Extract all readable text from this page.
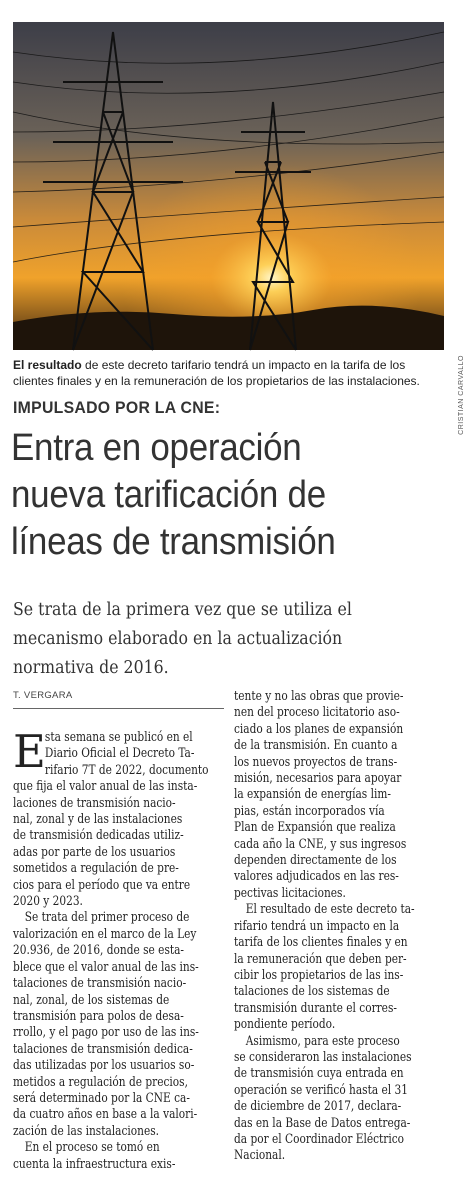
CRISTIAN CARVALLO
El resultado de este decreto tarifario tendrá un impacto en la tarifa de los clientes finales y en la remuneración de los propietarios de las instalaciones.
IMPULSADO POR LA CNE:
Entra en operación
nueva tarificación de
líneas de transmisión
Se trata de la primera vez que se utiliza el
mecanismo elaborado en la actualización
normativa de 2016.
T. VERGARA
E sta semana se publicó en el
Diario Oficial el Decreto Ta-
rifario 7T de 2022, documento
que fija el valor anual de las insta-
laciones de transmisión nacio-
nal, zonal y de las instalaciones
de transmisión dedicadas utiliz-
adas por parte de los usuarios
sometidos a regulación de pre-
cios para el período que va entre
2020 y 2023.
Se trata del primer proceso de
valorización en el marco de la Ley
20.936, de 2016, donde se esta-
blece que el valor anual de las ins-
talaciones de transmisión nacio-
nal, zonal, de los sistemas de
transmisión para polos de desa-
rrollo, y el pago por uso de las ins-
talaciones de transmisión dedica-
das utilizadas por los usuarios so-
metidos a regulación de precios,
será determinado por la CNE ca-
da cuatro años en base a la valori-
zación de las instalaciones.
En el proceso se tomó en
cuenta la infraestructura exis-
tente y no las obras que provie-
nen del proceso licitatorio aso-
ciado a los planes de expansión
de la transmisión. En cuanto a
los nuevos proyectos de trans-
misión, necesarios para apoyar
la expansión de energías lim-
pias, están incorporados vía
Plan de Expansión que realiza
cada año la CNE, y sus ingresos
dependen directamente de los
valores adjudicados en las res-
pectivas licitaciones.
El resultado de este decreto ta-
rifario tendrá un impacto en la
tarifa de los clientes finales y en
la remuneración que deben per-
cibir los propietarios de las ins-
talaciones de los sistemas de
transmisión durante el corres-
pondiente período.
Asimismo, para este proceso
se consideraron las instalaciones
de transmisión cuya entrada en
operación se verificó hasta el 31
de diciembre de 2017, declara-
das en la Base de Datos entrega-
da por el Coordinador Eléctrico
Nacional.
